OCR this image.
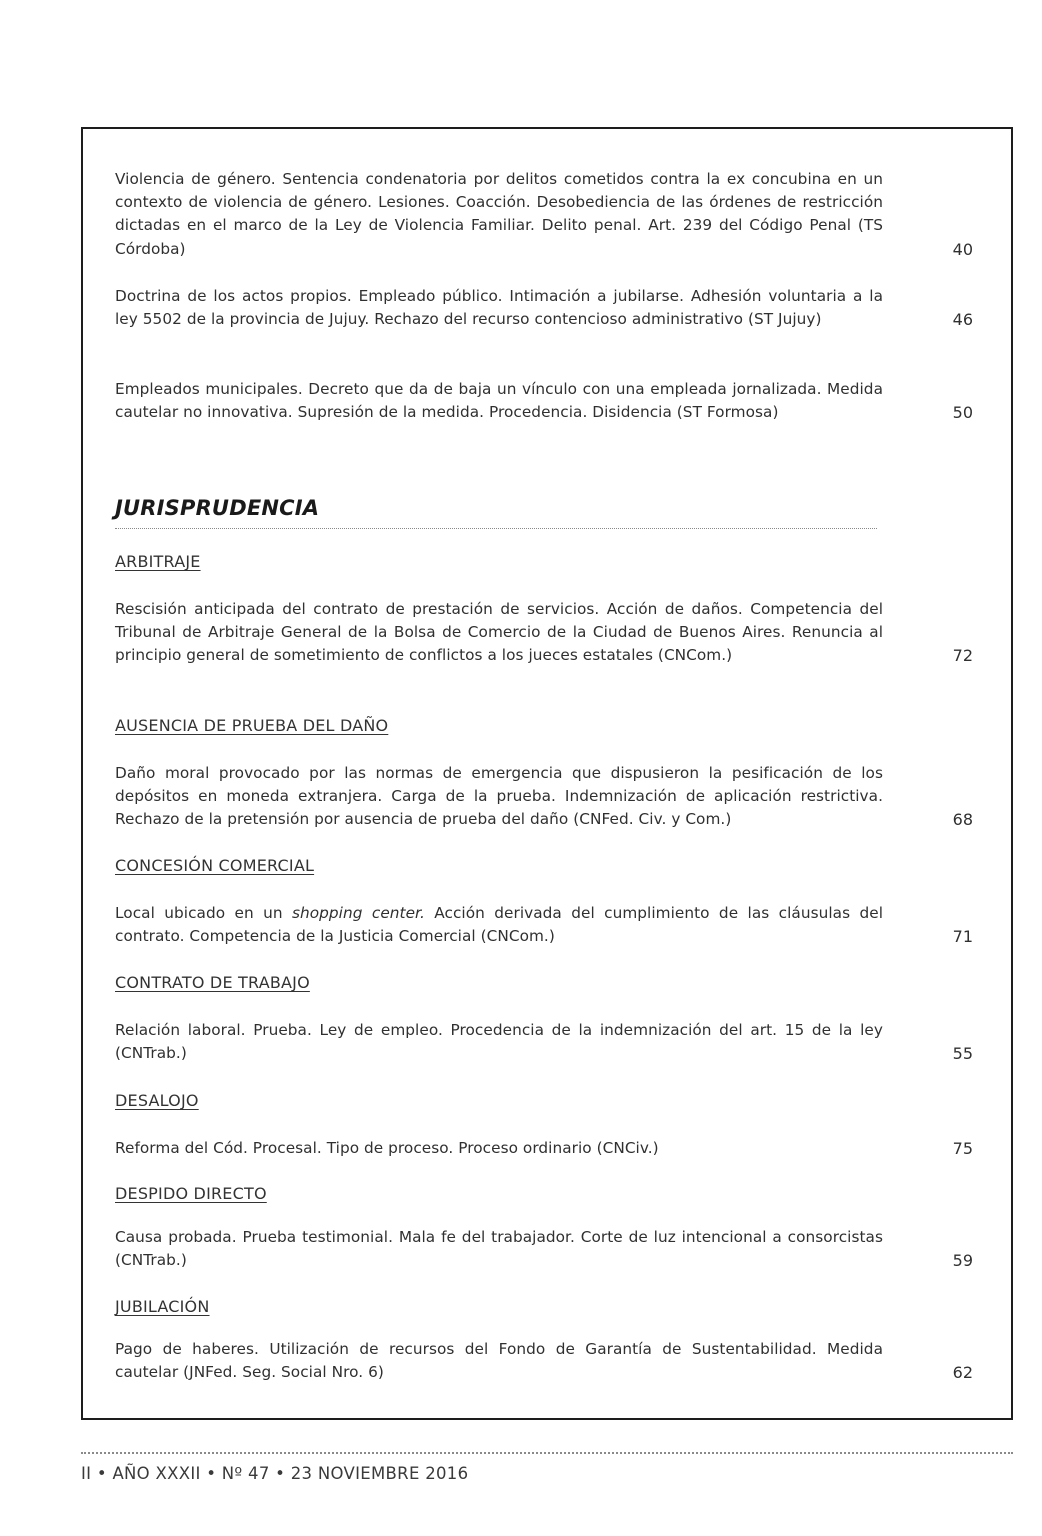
Violencia de género. Sentencia condenatoria por delitos cometidos contra la ex concubina en un contexto de violencia de género. Lesiones. Coacción. Desobediencia de las órdenes de restricción dictadas en el marco de la Ley de Violencia Familiar. Delito penal. Art. 239 del Código Penal (TS Córdoba)	40
Doctrina de los actos propios. Empleado público. Intimación a jubilarse. Adhesión voluntaria a la ley 5502 de la provincia de Jujuy. Rechazo del recurso contencioso administrativo (ST Jujuy)	46
Empleados municipales. Decreto que da de baja un vínculo con una empleada jornalizada. Medida cautelar no innovativa. Supresión de la medida. Procedencia. Disidencia (ST Formosa)	50
JURISPRUDENCIA
ARBITRAJE
Rescisión anticipada del contrato de prestación de servicios. Acción de daños. Competencia del Tribunal de Arbitraje General de la Bolsa de Comercio de la Ciudad de Buenos Aires. Renuncia al principio general de sometimiento de conflictos a los jueces estatales (CNCom.)	72
AUSENCIA DE PRUEBA DEL DAÑO
Daño moral provocado por las normas de emergencia que dispusieron la pesificación de los depósitos en moneda extranjera. Carga de la prueba. Indemnización de aplicación restrictiva. Rechazo de la pretensión por ausencia de prueba del daño (CNFed. Civ. y Com.)	68
CONCESIÓN COMERCIAL
Local ubicado en un shopping center. Acción derivada del cumplimiento de las cláusulas del contrato. Competencia de la Justicia Comercial (CNCom.)	71
CONTRATO DE TRABAJO
Relación laboral. Prueba. Ley de empleo. Procedencia de la indemnización del art. 15 de la ley (CNTrab.)	55
DESALOJO
Reforma del Cód. Procesal. Tipo de proceso. Proceso ordinario (CNCiv.)	75
DESPIDO DIRECTO
Causa probada. Prueba testimonial. Mala fe del trabajador. Corte de luz intencional a consorcistas (CNTrab.)	59
JUBILACIÓN
Pago de haberes. Utilización de recursos del Fondo de Garantía de Sustentabilidad. Medida cautelar (JNFed. Seg. Social Nro. 6)	62
II • AÑO XXXII • Nº 47 • 23 NOVIEMBRE 2016
